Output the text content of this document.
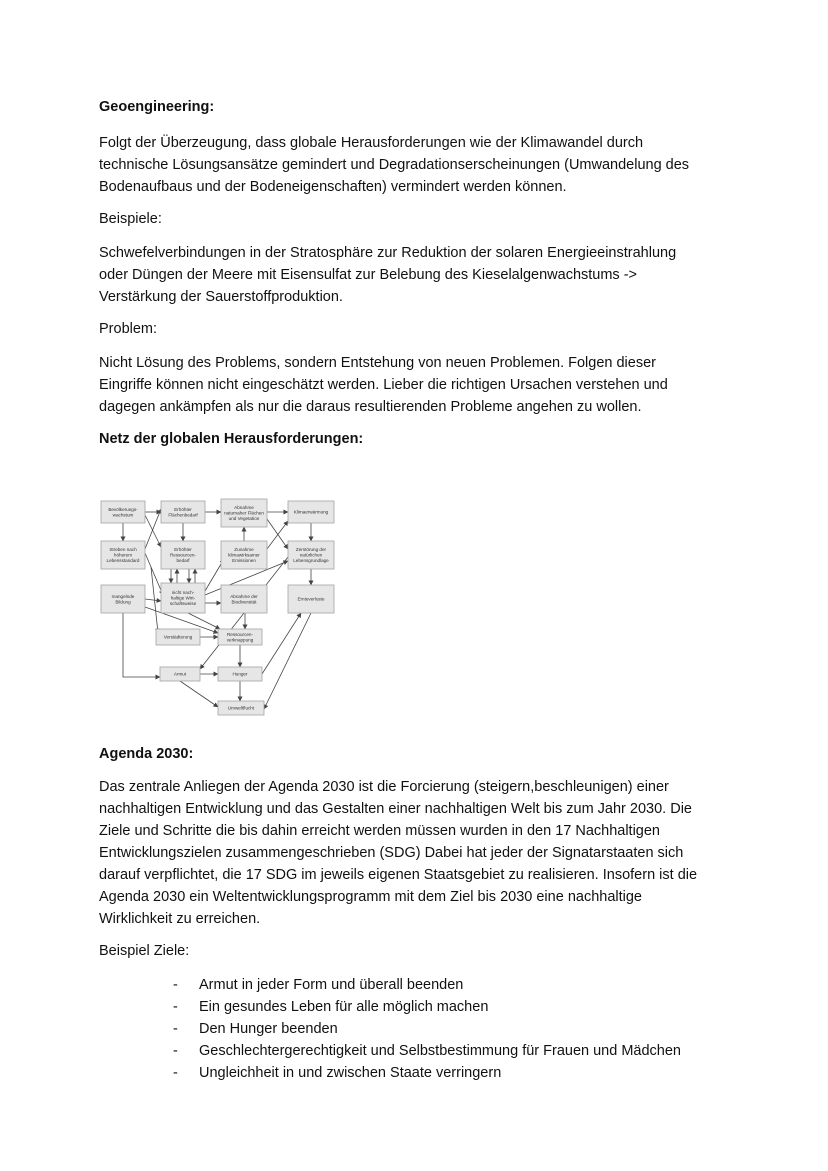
Geoengineering:

Folgt der Überzeugung, dass globale Herausforderungen wie der Klimawandel durch

technische Lösungsansätze gemindert und Degradationserscheinungen (Umwandelung des

Bodenaufbaus und der Bodeneigenschaften) vermindert werden können.

Beispiele:

Schwefelverbindungen in der Stratosphäre zur Reduktion der solaren Energieeinstrahlung

oder Düngen der Meere mit Eisensulfat zur Belebung des Kieselalgenwachstums ->

Verstärkung der Sauerstoffproduktion.

Problem:

Nicht Lösung des Problems, sondern Entstehung von neuen Problemen. Folgen dieser

Eingriffe können nicht eingeschätzt werden. Lieber die richtigen Ursachen verstehen und

dagegen ankämpfen als nur die daraus resultierenden Probleme angehen zu wollen.

Netz der globalen Herausforderungen:
Bevölkerungs-
wachstum
Erhöhter
Flächenbedarf
Abnahme
naturnaher Flächen
und Vegetation
Klimaerwärmung
Streben nach
höherem
Lebensstandard
Erhöhter
Ressourcen-
bedarf
Zunahme
klimawirksamer
Emissionen
Zerstörung der
natürlichen
Lebensgrundlage
mangelnde
Bildung
nicht nach-
haltige Wirt-
schaftsweise
Abnahme der
Biodiversität
Ernteverluste
Verstädterung
Ressourcen-
verknappung
Armut	Hunger
Umweltflucht
Agenda 2030:

Das zentrale Anliegen der Agenda 2030 ist die Forcierung (steigern,beschleunigen) einer

nachhaltigen Entwicklung und das Gestalten einer nachhaltigen Welt bis zum Jahr 2030. Die

Ziele und Schritte die bis dahin erreicht werden müssen wurden in den 17 Nachhaltigen

Entwicklungszielen zusammengeschrieben (SDG) Dabei hat jeder der Signatarstaaten sich

darauf verpflichtet, die 17 SDG im jeweils eigenen Staatsgebiet zu realisieren. Insofern ist die

Agenda 2030 ein Weltentwicklungsprogramm mit dem Ziel bis 2030 eine nachhaltige

Wirklichkeit zu erreichen.

Beispiel Ziele:
- Armut in jeder Form und überall beenden
- Ein gesundes Leben für alle möglich machen
- Den Hunger beenden
- Geschlechtergerechtigkeit und Selbstbestimmung für Frauen und Mädchen
- Ungleichheit in und zwischen Staate verringern
